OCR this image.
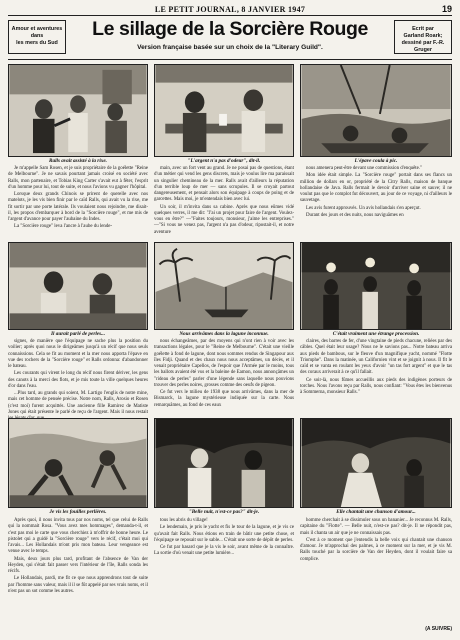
LE PETIT JOURNAL, 8 JANVIER 1947	19
Amour et aventures
dans
les mers du Sud
Le sillage de la Sorcière Rouge
Version française basée sur un choix de la "Literary Guild".
Ecrit par
Garland Roark;
dessiné par F.-R. Gruger
Ralls avait assisté à la rixe.	"L'argent n'a pas d'odeur", dit-il.	L'épave coula à pic.

Je m'appelle Sam Rosen, et je suis propriétaire de la goélette "Reine de Melbourne". Je ne savais pourtant jamais croisé en société avec Ralls, mon partenaire, et Tobias King Carter s'avait eut à fêter, l'esprit d'un homme pour lui, tout de suite, et nous l'avions vu gagner l'hôpital.

Lorsque deux grands Chinois se prirent de querelle avec nos matelots, je les vis bien finir par le caïd Ralls, qui avait vu la rixe, me fit sortir par une porte latérale. Ils voulaient nous rejoindre, me disait-il, les propos d'embarquer à bord de la "Sorcière rouge", et me mis de l'argent d'avance pour payer l'aubaine du Indes.

La "Sorcière rouge" leva l'ancre à l'aube du lende-

main, avec un fort vent au grand. Je ne posai pas de questions, étant d'un métier qui vend les gens discrets, mais je voulus lire ma paraissait un singulier chemineau de la mer. Ralls avait d'ailleurs la réputation d'un terrible loup de mer — sans scrupules. Il se croyait partout dangereusement, et pensait alors son équipage à coups de poing et de garcettes. Mais moi, je m'entendais bien avec lui.

Un soir, il m'invita dans sa cabine. Après que nous eûmes vidé quelques verres, il me dit: "J'ai un projet pour faire de l'argent. Voulez-vous en être?" —"Faites toujours, monsieur, j'aime les entreprises." —"Si vous ne venez pas, l'argent n'a pas d'odeur, ripostait-il, et notre aventure

nous amenera peut-être devant une commission d'enquête."

Mon idée était simple. La "Sorcière rouge" portait dans ses flancs un million de dollars en or, propriété de la Citry Ralls, maison de banque hollandaise de Java. Ralls fermait le devoir d'arriver saine et sauve; il ne voulut pas que le complot fut découvert, au jour de ce voyage, ni d'ailleurs le sauvetage.

Les avis furent approuvés. Un avis hollandais s'en aperçut.

Durant des jours et des nuits, nous naviguâmes en

Il aurait parlé de perles...	Nous arrivâmes dans la lagune inconnue.	C'était vraiment une étrange procession.

signes, de manière que l'équipage ne sache plus la position du voilier; après quoi nous le dirigeâmes jusqu'à un récif que nous seuls connaissions. Cela se fit au moment et la mer nous apporta l'épave en vue des rochers de la "Sorcière rouge" et Ralls ordonna: d'abandonner le bateau.

Les courants qui virent le long du récif nous firent dériver, les gens des canots à la merci des flots, et je mis toute la ville quelques heures d'or dans l'eau.

...Plus tard, au grands qui soient, M. Lartigo l'englis de notre mine, mais cet homme de pensée précise. Notre nom, Ralls, Arosio et Rosen (c'est moi) furent acquittés. Une ancienne fille Ramirez de Matiste Jones qui était présente le parlé de reçu de l'argent. Mais il nous restait

nous échangeâmes, par des moyens qui n'ont rien à voir avec les transactions légales, pour le "Reine de Melbourne". C'était une vieille goélette à fond de lagune, dont nous sommes rendus de Singapour aux îles Fidji. Quand et des chaux nous nous acceptâmes, un décès, et il venait propriétaire Capellos, de l'espoir que l'Armée par le moins, tous les ballots avaient été vus et la baleine de Eamon, nous annonçâmes un "rideau de perles" parler d'une légende sans laquelle nous pouvions trouver des perles noires, grosses comme des oeufs de pigeon.

Ce fut vers le milieu de 1938 que nous arrivâmes, dans la mer de Bismarck, la lagune mystérieuse indiquée sur la carte. Nous remarquâmes, au fond de ces eaux

claires, des barres de fer, d'une vingtaine de pieds chacune, reliées par des câbles. Quel était leur usage? Nous ne le savions pas... Notre bateau arriva aux pieds de bambous, sur le fleuve d'un magnifique yacht, nommé "Flotte Triomphe". Dans la matinée, un Californien vint et se joignit à nous. Il fit le caïd et se vanta en roulant les yeux d'avoir "un tas fort argent" et que le tas des coraux arriverait à ce qu'il fallait.

Ce soir-là, nous fûmes accueillis aux pieds des indigènes porteurs de torches. Nous l'avons reçu par Ralls, nous confiant: "Vous êtes les bienvenus à Sommerna, monsieur Ralls."

Je vis les fouilles perlières.	"Belle nuit, n'est-ce pas?" dit-je.	Elle chantait une chanson d'amour...

Après quoi, il nous invita tous par nos noms, tel que celui de Ralls qui la nommait Rosa. "Vous avez mes hommages", demanda-t-il, et c'est pas moi le carte que vous cherchiez à m'offrir de bonne heure. Le pistolet qui a guidé la "Sorcière rouge" vers le récif, c'était moi qui l'avais... Les Hollandais m'ont pris mon bateau. Leur vengeance est venue avec le temps.

Mais, deux jours plus tard, profitant de l'absence de Van der Heyden, qui s'était fait passer vers l'intérieur de l'île, Ralls sonda les récifs.

Le Hollandais, pardi, me fit ce que nous apprendrons tout de suite par l'homme sans valeur, mais il il se fût appelé par ses vrais noms, et il n'est pas un sot comme les autres.

tous les abris du village!

Le lendemain, je pris le yacht et fis le tour de la lagune, et je vis ce qu'avait fait Ralls. Nous étions en train de bâtir une petite chose, et l'équipage se reposait sur le sable... C'était une sorte de dépôt de perles.

Ce fut par hasard que je la vis le soir, avant même de la connaître. La sortie d'où venait une petite lumière...

homme cherchait à se dissimuler sous un bananier... Je reconnus M. Ralls, capitaine du "Flotte". — Belle nuit, n'est-ce pas? dit-je. Il ne répondit pas, mais il chanta un air que je ne connaissais pas.

C'est à ce moment que j'entendis la belle voix qui chantait une chanson d'amour. Je m'approchai des palmes, à ce moment sur la mer, et je vis M. Ralls touché par la sorcière de Van der Heyden, dont il voulait faire sa complice.

(A SUIVRE)
